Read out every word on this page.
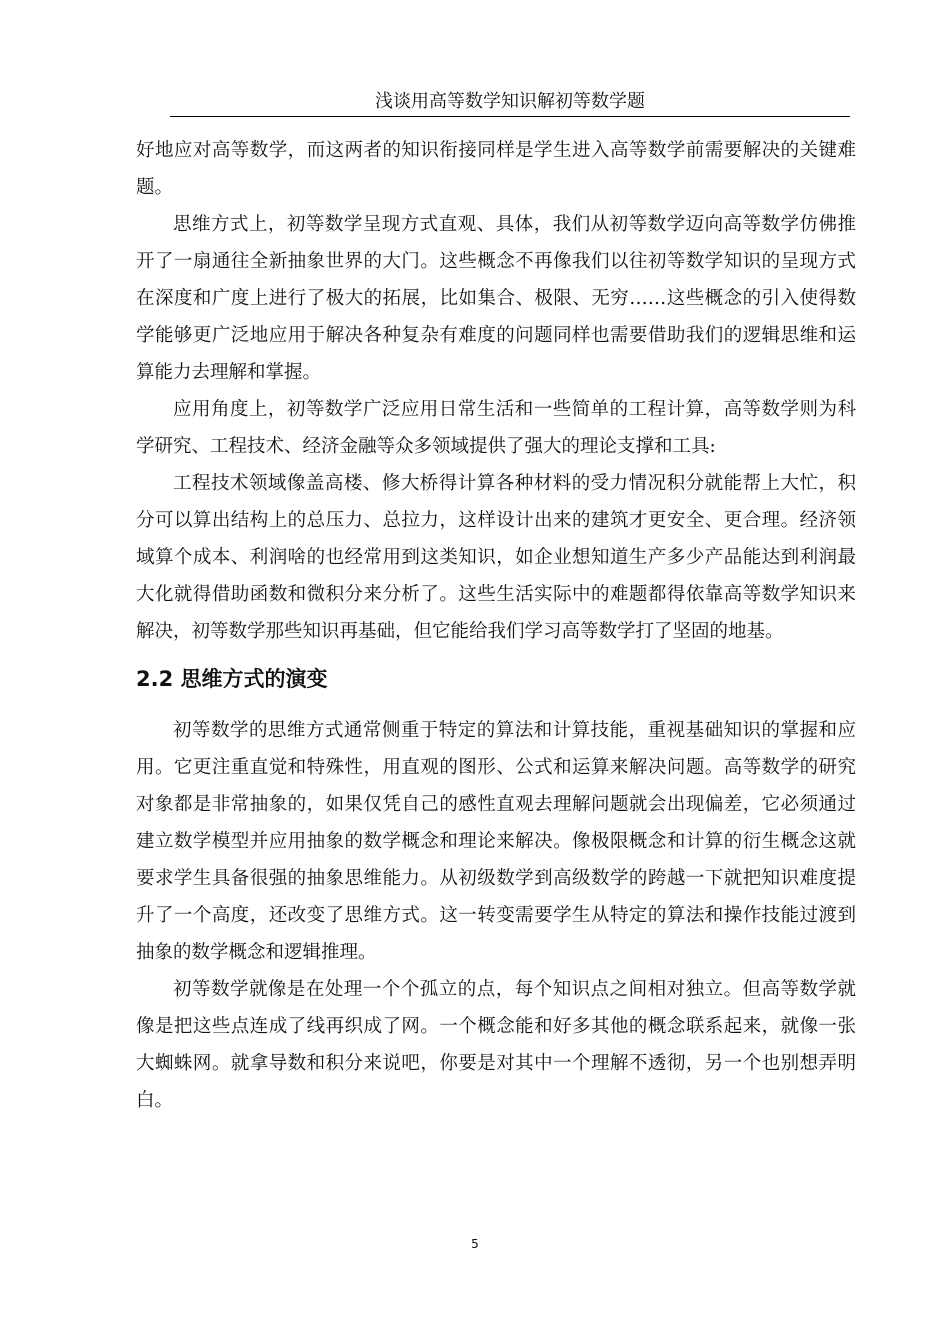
浅谈用高等数学知识解初等数学题

好地应对高等数学，而这两者的知识衔接同样是学生进入高等数学前需要解决的关键难题。

思维方式上，初等数学呈现方式直观、具体，我们从初等数学迈向高等数学仿佛推开了一扇通往全新抽象世界的大门。这些概念不再像我们以往初等数学知识的呈现方式在深度和广度上进行了极大的拓展，比如集合、极限、无穷……这些概念的引入使得数学能够更广泛地应用于解决各种复杂有难度的问题同样也需要借助我们的逻辑思维和运算能力去理解和掌握。

应用角度上，初等数学广泛应用日常生活和一些简单的工程计算，高等数学则为科学研究、工程技术、经济金融等众多领域提供了强大的理论支撑和工具:

工程技术领域像盖高楼、修大桥得计算各种材料的受力情况积分就能帮上大忙，积分可以算出结构上的总压力、总拉力，这样设计出来的建筑才更安全、更合理。经济领域算个成本、利润啥的也经常用到这类知识，如企业想知道生产多少产品能达到利润最大化就得借助函数和微积分来分析了。这些生活实际中的难题都得依靠高等数学知识来解决，初等数学那些知识再基础，但它能给我们学习高等数学打了坚固的地基。

2.2 思维方式的演变

初等数学的思维方式通常侧重于特定的算法和计算技能，重视基础知识的掌握和应用。它更注重直觉和特殊性，用直观的图形、公式和运算来解决问题。高等数学的研究对象都是非常抽象的，如果仅凭自己的感性直观去理解问题就会出现偏差，它必须通过建立数学模型并应用抽象的数学概念和理论来解决。像极限概念和计算的衍生概念这就要求学生具备很强的抽象思维能力。从初级数学到高级数学的跨越一下就把知识难度提升了一个高度，还改变了思维方式。这一转变需要学生从特定的算法和操作技能过渡到抽象的数学概念和逻辑推理。

初等数学就像是在处理一个个孤立的点，每个知识点之间相对独立。但高等数学就像是把这些点连成了线再织成了网。一个概念能和好多其他的概念联系起来，就像一张大蜘蛛网。就拿导数和积分来说吧，你要是对其中一个理解不透彻，另一个也别想弄明白。

5
